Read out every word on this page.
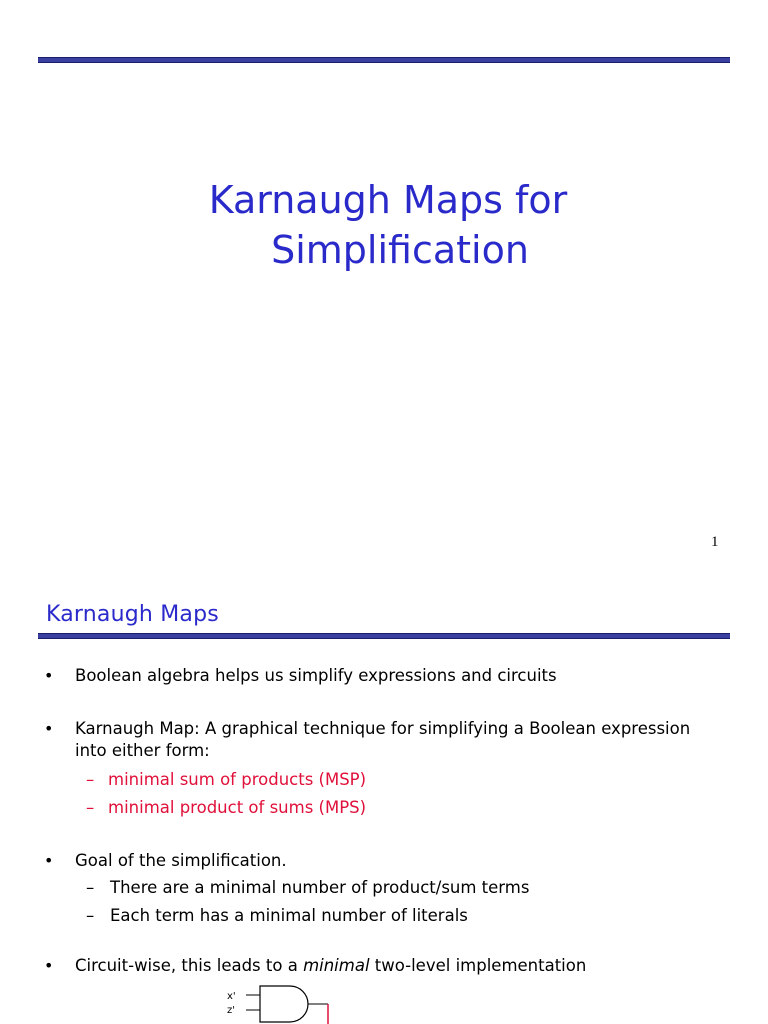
Karnaugh Maps for
Simplification
1
Karnaugh Maps
• Boolean algebra helps us simplify expressions and circuits
• Karnaugh Map: A graphical technique for simplifying a Boolean expression
into either form:
– minimal sum of products (MSP)
– minimal product of sums (MPS)
• Goal of the simplification.
– There are a minimal number of product/sum terms
– Each term has a minimal number of literals
• Circuit-wise, this leads to a minimal two-level implementation
x'
z'
